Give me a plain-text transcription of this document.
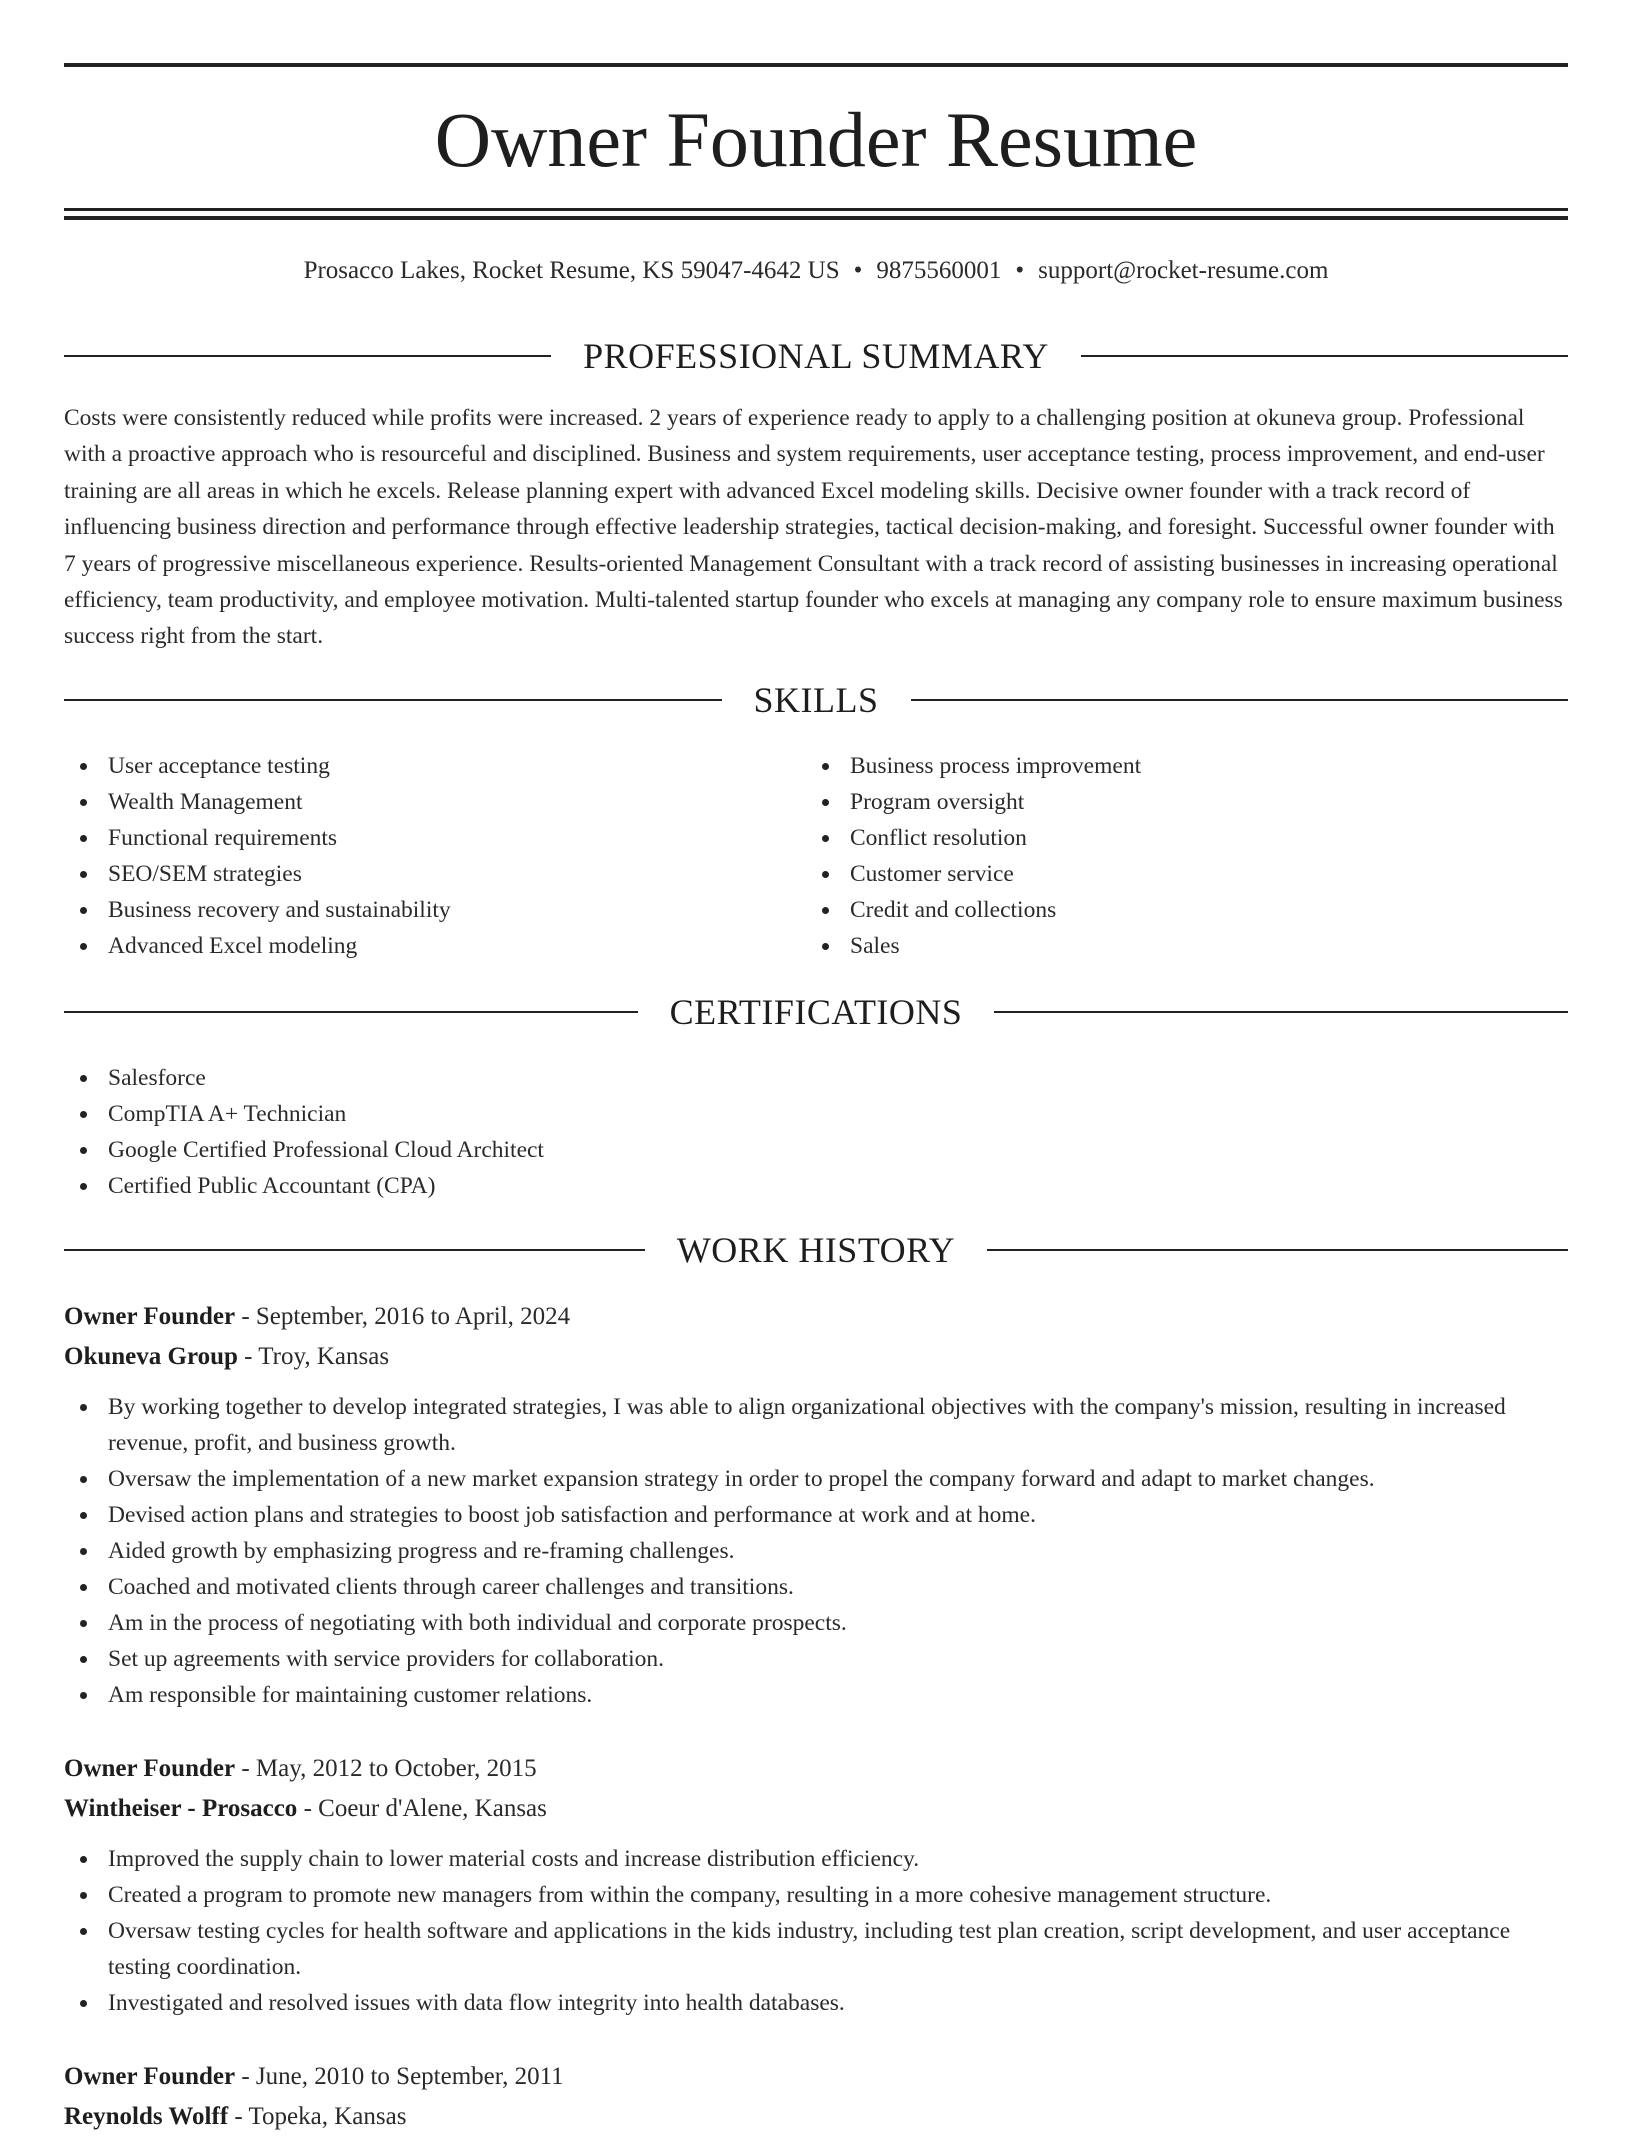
Owner Founder Resume
Prosacco Lakes, Rocket Resume, KS 59047-4642 US • 9875560001 • support@rocket-resume.com
PROFESSIONAL SUMMARY

Costs were consistently reduced while profits were increased. 2 years of experience ready to apply to a challenging position at okuneva group. Professional with a proactive approach who is resourceful and disciplined. Business and system requirements, user acceptance testing, process improvement, and end-user training are all areas in which he excels. Release planning expert with advanced Excel modeling skills. Decisive owner founder with a track record of influencing business direction and performance through effective leadership strategies, tactical decision-making, and foresight. Successful owner founder with 7 years of progressive miscellaneous experience. Results-oriented Management Consultant with a track record of assisting businesses in increasing operational efficiency, team productivity, and employee motivation. Multi-talented startup founder who excels at managing any company role to ensure maximum business success right from the start.

SKILLS
User acceptance testing
Wealth Management
Functional requirements
SEO/SEM strategies
Business recovery and sustainability
Advanced Excel modeling
Business process improvement
Program oversight
Conflict resolution
Customer service
Credit and collections
Sales
CERTIFICATIONS
Salesforce
CompTIA A+ Technician
Google Certified Professional Cloud Architect
Certified Public Accountant (CPA)
WORK HISTORY
Owner Founder - September, 2016 to April, 2024
Okuneva Group - Troy, Kansas
By working together to develop integrated strategies, I was able to align organizational objectives with the company's mission, resulting in increased revenue, profit, and business growth.
Oversaw the implementation of a new market expansion strategy in order to propel the company forward and adapt to market changes.
Devised action plans and strategies to boost job satisfaction and performance at work and at home.
Aided growth by emphasizing progress and re-framing challenges.
Coached and motivated clients through career challenges and transitions.
Am in the process of negotiating with both individual and corporate prospects.
Set up agreements with service providers for collaboration.
Am responsible for maintaining customer relations.
Owner Founder - May, 2012 to October, 2015
Wintheiser - Prosacco - Coeur d'Alene, Kansas
Improved the supply chain to lower material costs and increase distribution efficiency.
Created a program to promote new managers from within the company, resulting in a more cohesive management structure.
Oversaw testing cycles for health software and applications in the kids industry, including test plan creation, script development, and user acceptance testing coordination.
Investigated and resolved issues with data flow integrity into health databases.
Owner Founder - June, 2010 to September, 2011
Reynolds Wolff - Topeka, Kansas
